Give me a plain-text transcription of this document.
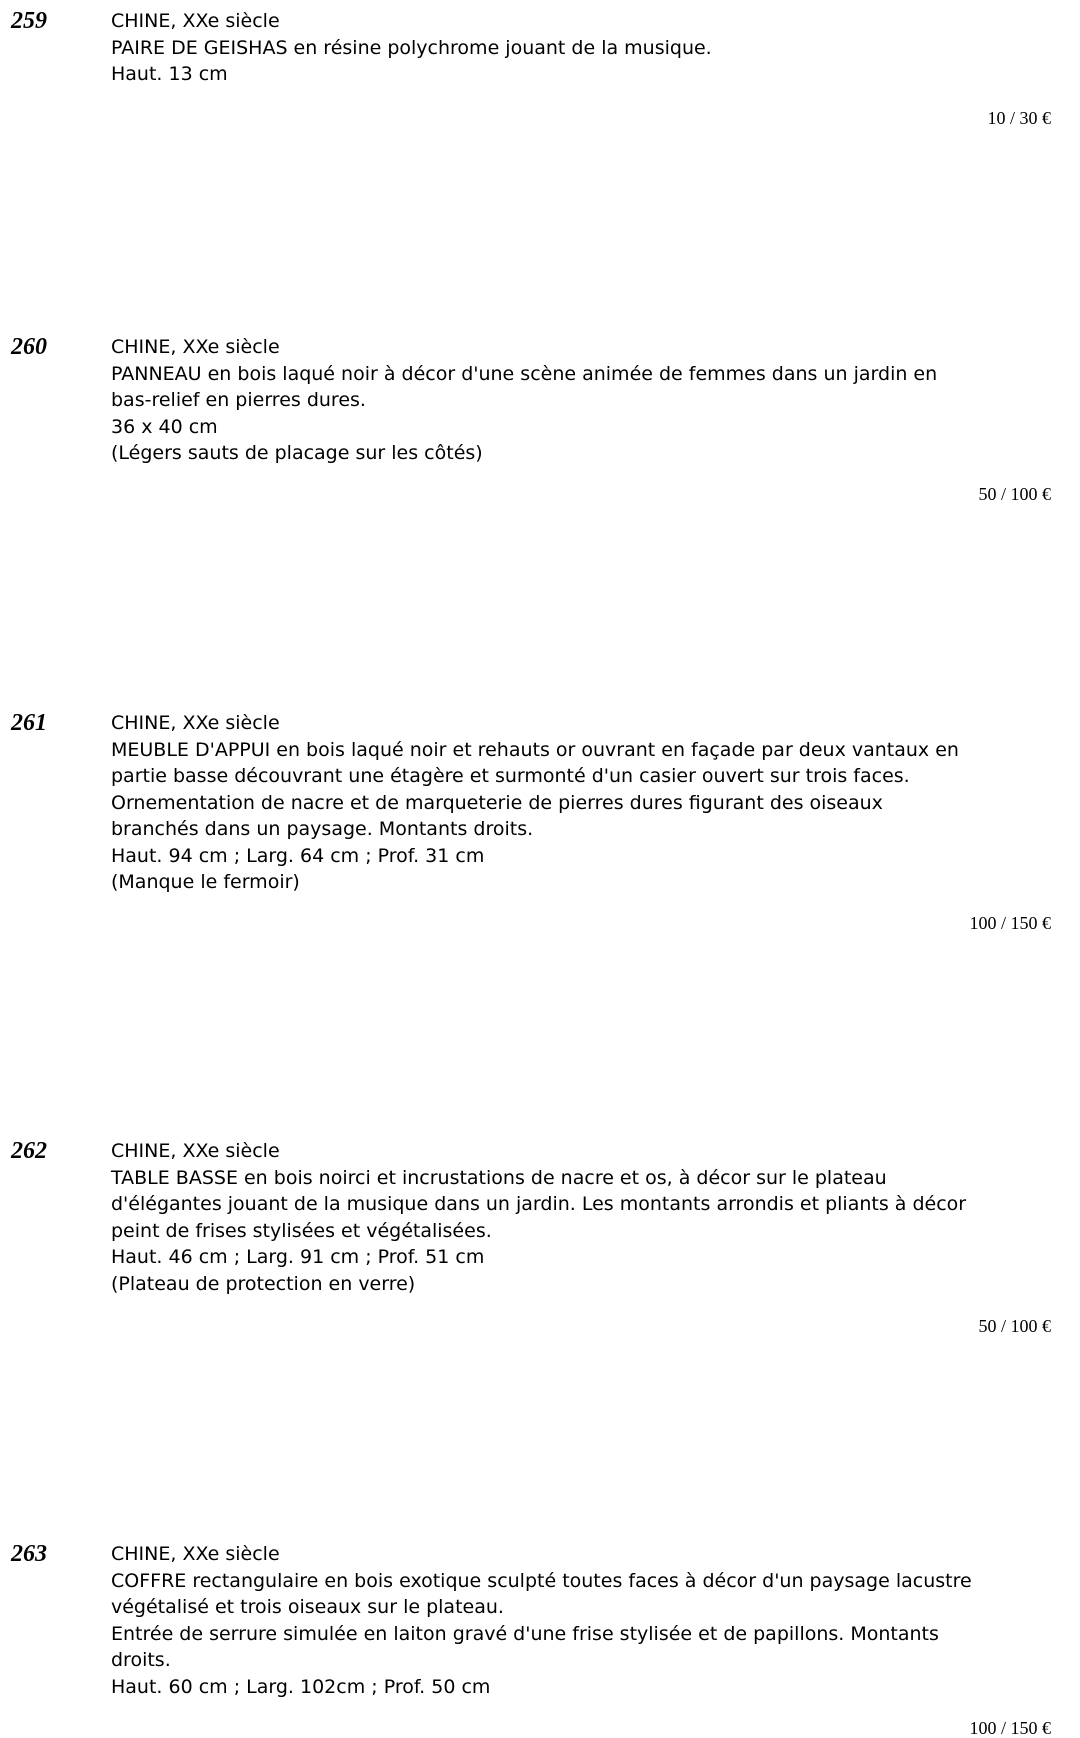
259	CHINE, XXe siècle
PAIRE DE GEISHAS en résine polychrome jouant de la musique.
Haut. 13 cm
10 / 30 €
260	CHINE, XXe siècle
PANNEAU en bois laqué noir à décor d'une scène animée de femmes dans un jardin en
bas-relief en pierres dures.
36 x 40 cm
(Légers sauts de placage sur les côtés)
50 / 100 €
261	CHINE, XXe siècle
MEUBLE D'APPUI en bois laqué noir et rehauts or ouvrant en façade par deux vantaux en
partie basse découvrant une étagère et surmonté d'un casier ouvert sur trois faces.
Ornementation de nacre et de marqueterie de pierres dures figurant des oiseaux
branchés dans un paysage. Montants droits.
Haut. 94 cm ; Larg. 64 cm ; Prof. 31 cm
(Manque le fermoir)
100 / 150 €
262	CHINE, XXe siècle
TABLE BASSE en bois noirci et incrustations de nacre et os, à décor sur le plateau
d'élégantes jouant de la musique dans un jardin. Les montants arrondis et pliants à décor
peint de frises stylisées et végétalisées.
Haut. 46 cm ; Larg. 91 cm ; Prof. 51 cm
(Plateau de protection en verre)
50 / 100 €
263	CHINE, XXe siècle
COFFRE rectangulaire en bois exotique sculpté toutes faces à décor d'un paysage lacustre
végétalisé et trois oiseaux sur le plateau.
Entrée de serrure simulée en laiton gravé d'une frise stylisée et de papillons. Montants
droits.
Haut. 60 cm ; Larg. 102cm ; Prof. 50 cm
100 / 150 €
